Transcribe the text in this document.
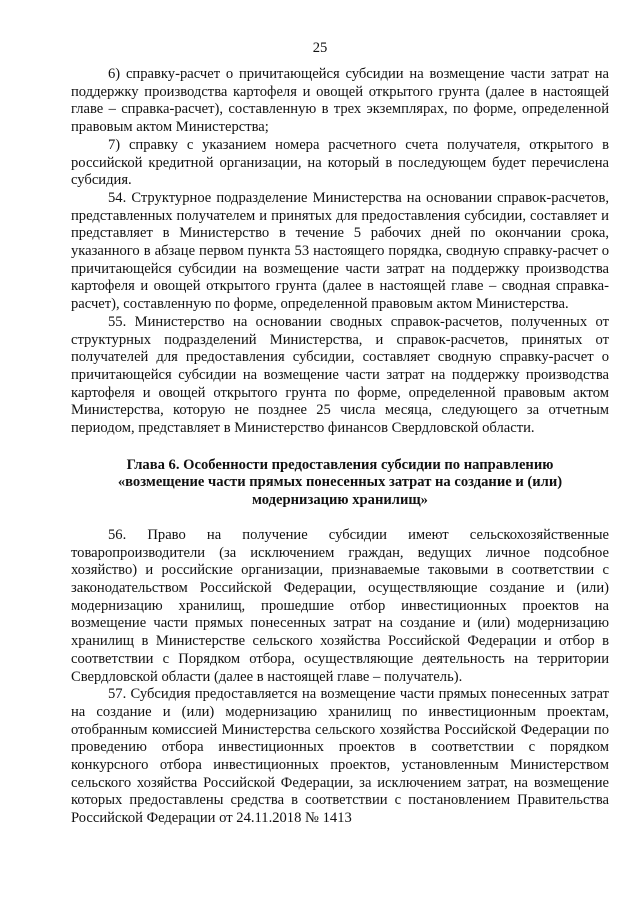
25

6) справку-расчет о причитающейся субсидии на возмещение части затрат на поддержку производства картофеля и овощей открытого грунта (далее в настоящей главе – справка-расчет), составленную в трех экземплярах, по форме, определенной правовым актом Министерства;

7) справку с указанием номера расчетного счета получателя, открытого в российской кредитной организации, на который в последующем будет перечислена субсидия.

54. Структурное подразделение Министерства на основании справок-расчетов, представленных получателем и принятых для предоставления субсидии, составляет и представляет в Министерство в течение 5 рабочих дней по окончании срока, указанного в абзаце первом пункта 53 настоящего порядка, сводную справку-расчет о причитающейся субсидии на возмещение части затрат на поддержку производства картофеля и овощей открытого грунта (далее в настоящей главе – сводная справка-расчет), составленную по форме, определенной правовым актом Министерства.

55. Министерство на основании сводных справок-расчетов, полученных от структурных подразделений Министерства, и справок-расчетов, принятых от получателей для предоставления субсидии, составляет сводную справку-расчет о причитающейся субсидии на возмещение части затрат на поддержку производства картофеля и овощей открытого грунта по форме, определенной правовым актом Министерства, которую не позднее 25 числа месяца, следующего за отчетным периодом, представляет в Министерство финансов Свердловской области.

Глава 6. Особенности предоставления субсидии по направлению

«возмещение части прямых понесенных затрат на создание и (или)

модернизацию хранилищ»

56. Право на получение субсидии имеют сельскохозяйственные товаропроизводители (за исключением граждан, ведущих личное подсобное хозяйство) и российские организации, признаваемые таковыми в соответствии с законодательством Российской Федерации, осуществляющие создание и (или) модернизацию хранилищ, прошедшие отбор инвестиционных проектов на возмещение части прямых понесенных затрат на создание и (или) модернизацию хранилищ в Министерстве сельского хозяйства Российской Федерации и отбор в соответствии с Порядком отбора, осуществляющие деятельность на территории Свердловской области (далее в настоящей главе – получатель).

57. Субсидия предоставляется на возмещение части прямых понесенных затрат на создание и (или) модернизацию хранилищ по инвестиционным проектам, отобранным комиссией Министерства сельского хозяйства Российской Федерации по проведению отбора инвестиционных проектов в соответствии с порядком конкурсного отбора инвестиционных проектов, установленным Министерством сельского хозяйства Российской Федерации, за исключением затрат, на возмещение которых предоставлены средства в соответствии с постановлением Правительства Российской Федерации от 24.11.2018 № 1413
